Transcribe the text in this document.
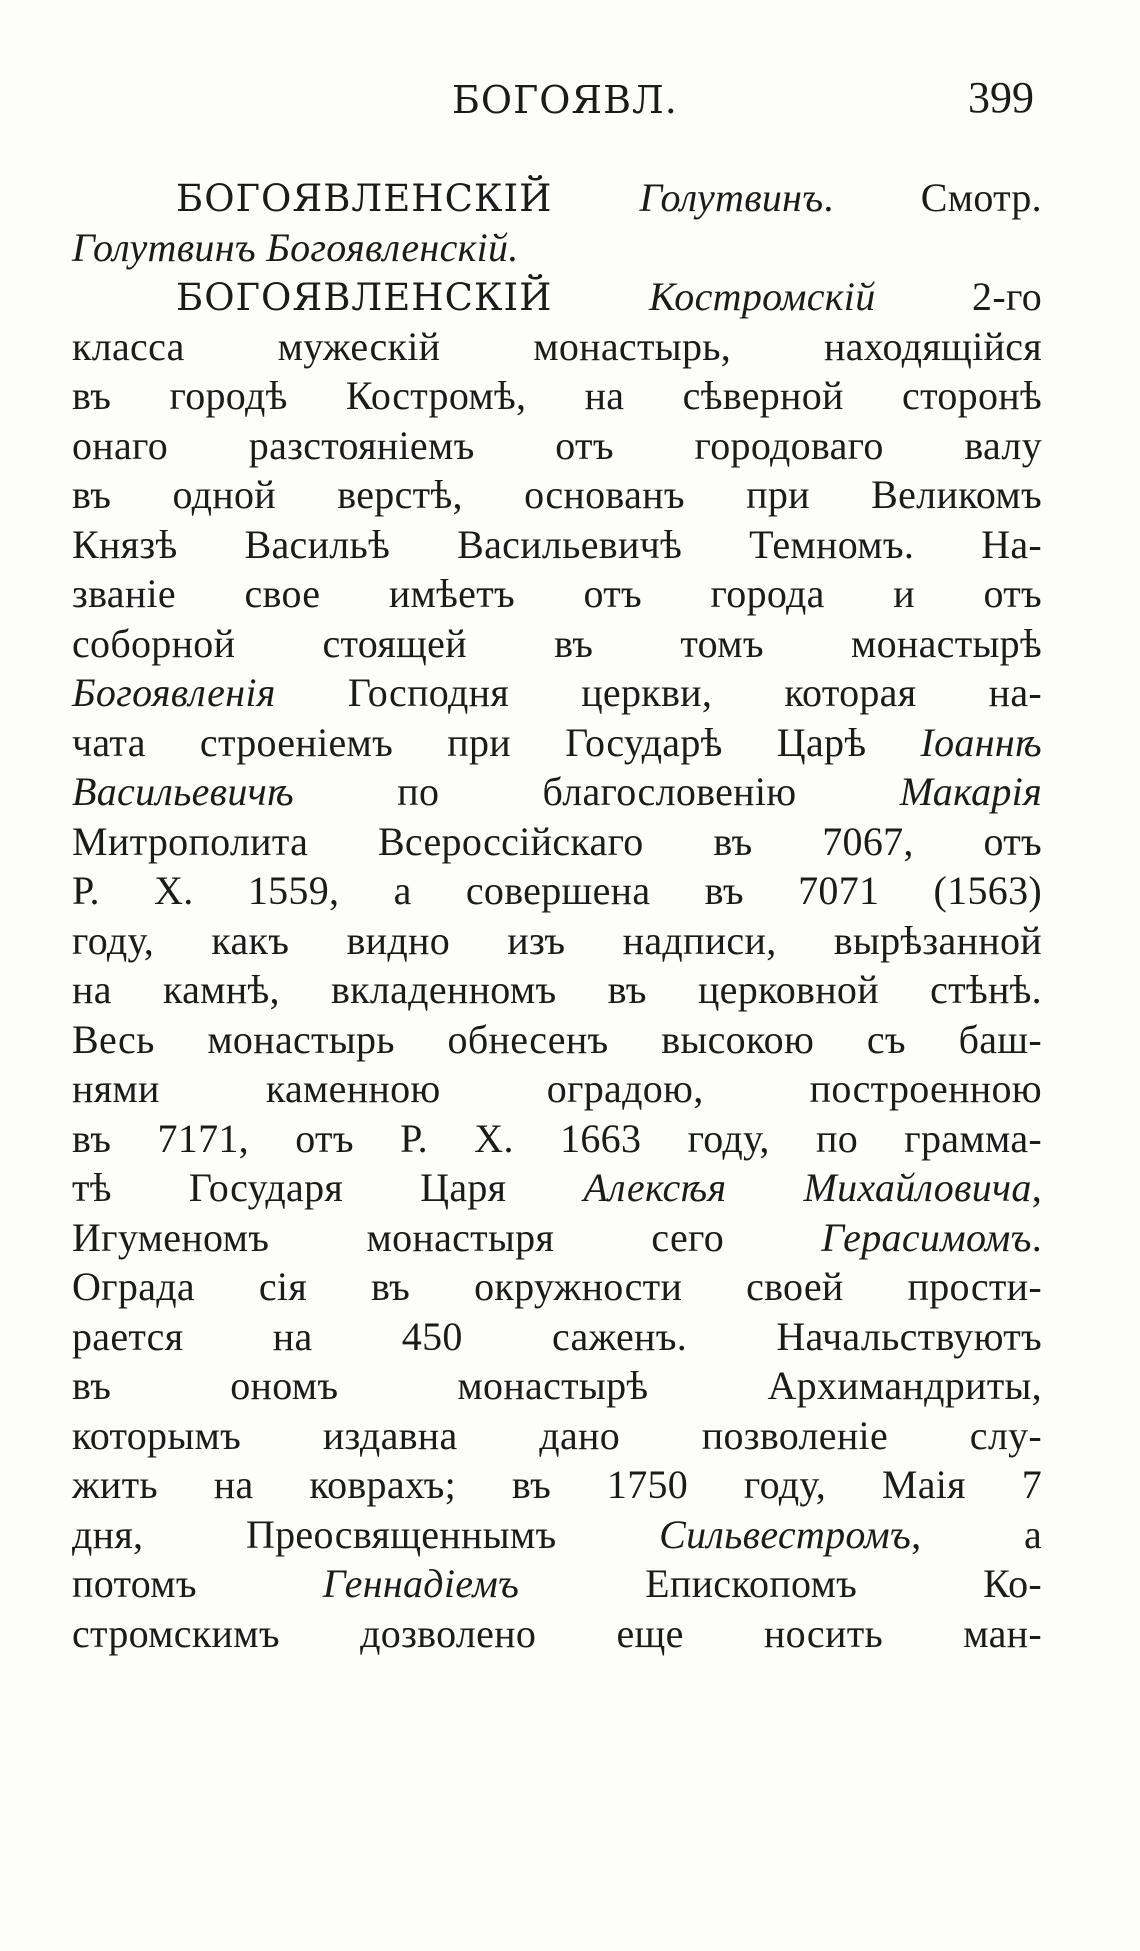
БОГОЯВЛ.	399
БОГОЯВЛЕНСКІЙ Голутвинъ. Смотр.
Голутвинъ Богоявленскій.
БОГОЯВЛЕНСКІЙ Костромскій 2-го
класса мужескій монастырь, находящійся
въ городѣ Костромѣ, на сѣверной сторонѣ
онаго разстояніемъ отъ городоваго валу
въ одной верстѣ, основанъ при Великомъ
Князѣ Васильѣ Васильевичѣ Темномъ. На-
званіе свое имѣетъ отъ города и отъ
соборной стоящей въ томъ монастырѣ
Богоявленія Господня церкви, которая на-
чата строеніемъ при Государѣ Царѣ Іоаннѣ
Васильевичѣ по благословенію Макарія
Митрополита Всероссійскаго въ 7067, отъ
Р. Х. 1559, а совершена въ 7071 (1563)
году, какъ видно изъ надписи, вырѣзанной
на камнѣ, вкладенномъ въ церковной стѣнѣ.
Весь монастырь обнесенъ высокою съ баш-
нями каменною оградою, построенною
въ 7171, отъ Р. Х. 1663 году, по грамма-
тѣ Государя Царя Алексѣя Михайловича,
Игуменомъ монастыря сего Герасимомъ.
Ограда сія въ окружности своей прости-
рается на 450 саженъ. Начальствуютъ
въ ономъ монастырѣ Архимандриты,
которымъ издавна дано позволеніе слу-
жить на коврахъ; въ 1750 году, Маія 7
дня, Преосвященнымъ Сильвестромъ, а
потомъ Геннадіемъ Епископомъ Ко-
стромскимъ дозволено еще носить ман-
